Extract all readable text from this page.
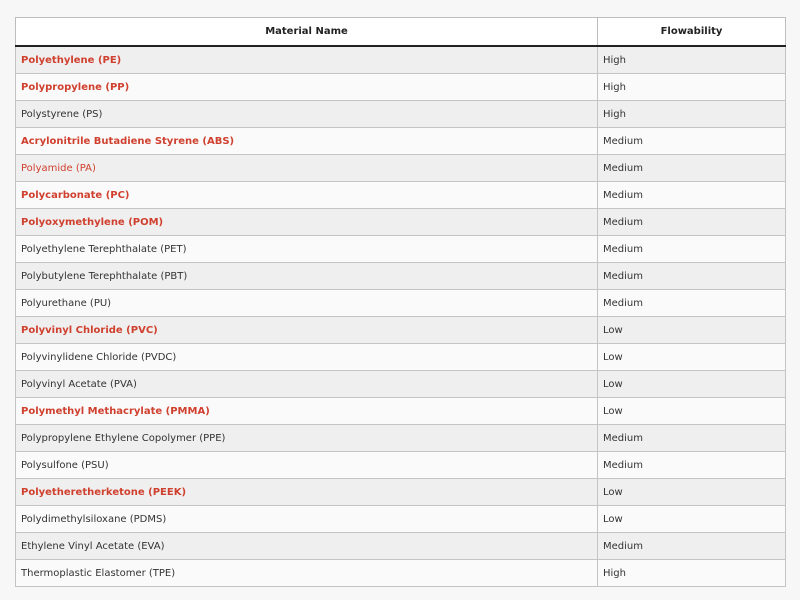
Material Name	Flowability
Polyethylene (PE)	High
Polypropylene (PP)	High
Polystyrene (PS)	High
Acrylonitrile Butadiene Styrene (ABS)	Medium
Polyamide (PA)	Medium
Polycarbonate (PC)	Medium
Polyoxymethylene (POM)	Medium
Polyethylene Terephthalate (PET)	Medium
Polybutylene Terephthalate (PBT)	Medium
Polyurethane (PU)	Medium
Polyvinyl Chloride (PVC)	Low
Polyvinylidene Chloride (PVDC)	Low
Polyvinyl Acetate (PVA)	Low
Polymethyl Methacrylate (PMMA)	Low
Polypropylene Ethylene Copolymer (PPE)	Medium
Polysulfone (PSU)	Medium
Polyetheretherketone (PEEK)	Low
Polydimethylsiloxane (PDMS)	Low
Ethylene Vinyl Acetate (EVA)	Medium
Thermoplastic Elastomer (TPE)	High
